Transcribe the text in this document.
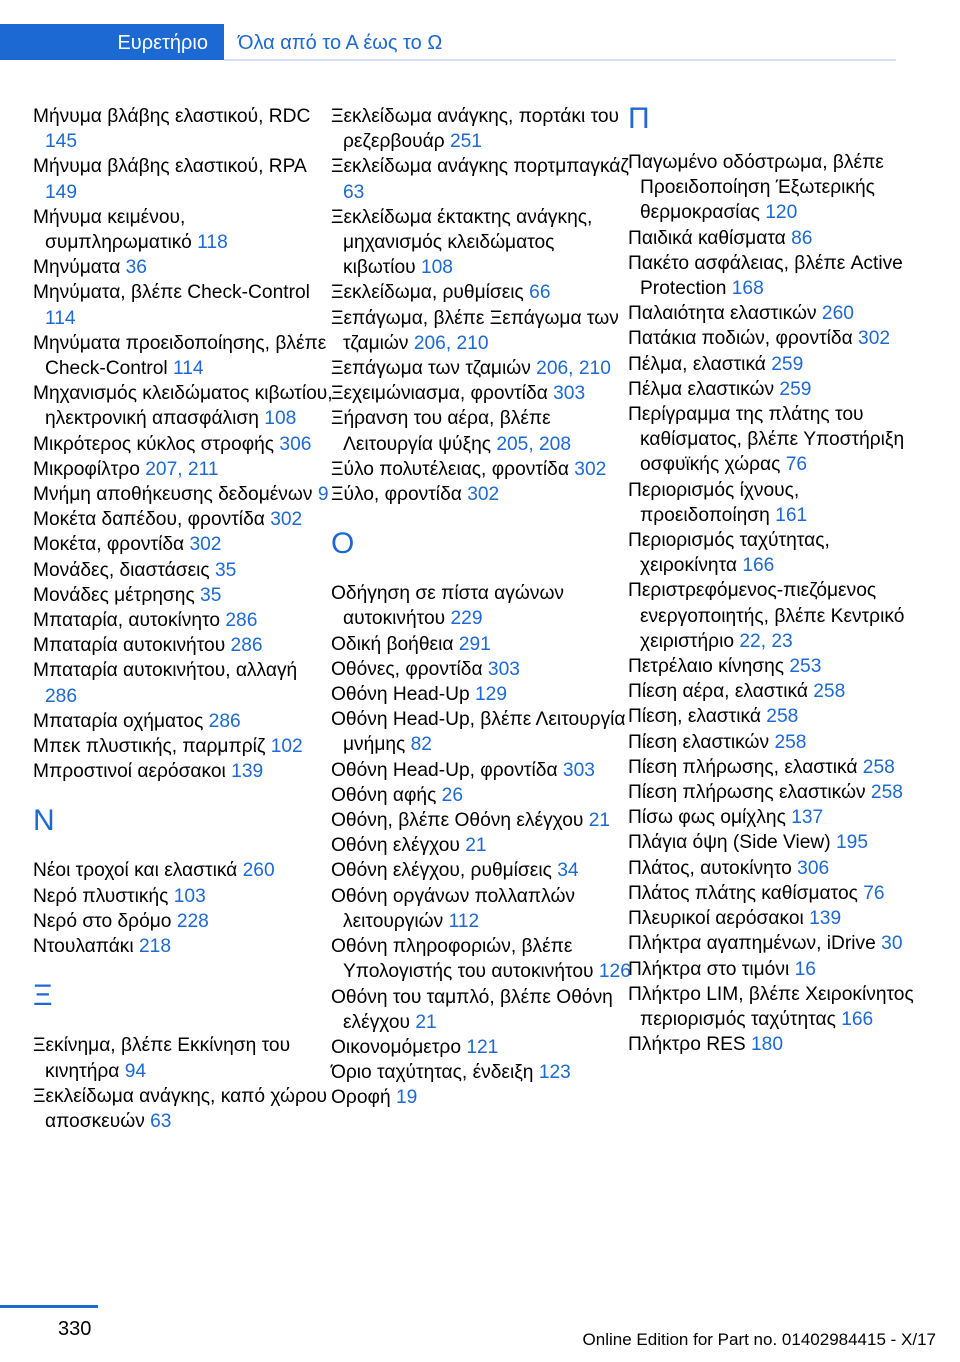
Ευρετήριο	Όλα από το Α έως το Ω
Μήνυμα βλάβης ελαστικού, RDC 145
Μήνυμα βλάβης ελαστικού, RPA 149
Μήνυμα κειμένου, συμπληρωματικό 118
Μηνύματα 36
Μηνύματα, βλέπε Check-Control 114
Μηνύματα προειδοποίησης, βλέπε Check-Control 114
Μηχανισμός κλειδώματος κιβωτίου, ηλεκτρονική απασφάλιση 108
Μικρότερος κύκλος στροφής 306
Μικροφίλτρο 207, 211
Μνήμη αποθήκευσης δεδομένων 9
Μοκέτα δαπέδου, φροντίδα 302
Μοκέτα, φροντίδα 302
Μονάδες, διαστάσεις 35
Μονάδες μέτρησης 35
Μπαταρία, αυτοκίνητο 286
Μπαταρία αυτοκινήτου 286
Μπαταρία αυτοκινήτου, αλλαγή 286
Μπαταρία οχήματος 286
Μπεκ πλυστικής, παρμπρίζ 102
Μπροστινοί αερόσακοι 139
Ν
Νέοι τροχοί και ελαστικά 260
Νερό πλυστικής 103
Νερό στο δρόμο 228
Ντουλαπάκι 218
Ξ
Ξεκίνημα, βλέπε Εκκίνηση του κινητήρα 94
Ξεκλείδωμα ανάγκης, καπό χώρου αποσκευών 63
Ξεκλείδωμα ανάγκης, πορτάκι του ρεζερβουάρ 251
Ξεκλείδωμα ανάγκης πορτμπαγκάζ 63
Ξεκλείδωμα έκτακτης ανάγκης, μηχανισμός κλειδώματος κιβωτίου 108
Ξεκλείδωμα, ρυθμίσεις 66
Ξεπάγωμα, βλέπε Ξεπάγωμα των τζαμιών 206, 210
Ξεπάγωμα των τζαμιών 206, 210
Ξεχειμώνιασμα, φροντίδα 303
Ξήρανση του αέρα, βλέπε Λειτουργία ψύξης 205, 208
Ξύλο πολυτέλειας, φροντίδα 302
Ξύλο, φροντίδα 302
Ο
Οδήγηση σε πίστα αγώνων αυτοκινήτου 229
Οδική βοήθεια 291
Οθόνες, φροντίδα 303
Οθόνη Head-Up 129
Οθόνη Head-Up, βλέπε Λειτουργία μνήμης 82
Οθόνη Head-Up, φροντίδα 303
Οθόνη αφής 26
Οθόνη, βλέπε Οθόνη ελέγχου 21
Οθόνη ελέγχου 21
Οθόνη ελέγχου, ρυθμίσεις 34
Οθόνη οργάνων πολλαπλών λειτουργιών 112
Οθόνη πληροφοριών, βλέπε Υπολογιστής του αυτοκινήτου 126
Οθόνη του ταμπλό, βλέπε Οθόνη ελέγχου 21
Οικονομόμετρο 121
Όριο ταχύτητας, ένδειξη 123
Οροφή 19
Π
Παγωμένο οδόστρωμα, βλέπε Προειδοποίηση Έξωτερικής θερμοκρασίας 120
Παιδικά καθίσματα 86
Πακέτο ασφάλειας, βλέπε Active Protection 168
Παλαιότητα ελαστικών 260
Πατάκια ποδιών, φροντίδα 302
Πέλμα, ελαστικά 259
Πέλμα ελαστικών 259
Περίγραμμα της πλάτης του καθίσματος, βλέπε Υποστήριξη οσφυϊκής χώρας 76
Περιορισμός ίχνους, προειδοποίηση 161
Περιορισμός ταχύτητας, χειροκίνητα 166
Περιστρεφόμενος-πιεζόμενος ενεργοποιητής, βλέπε Κεντρικό χειριστήριο 22, 23
Πετρέλαιο κίνησης 253
Πίεση αέρα, ελαστικά 258
Πίεση, ελαστικά 258
Πίεση ελαστικών 258
Πίεση πλήρωσης, ελαστικά 258
Πίεση πλήρωσης ελαστικών 258
Πίσω φως ομίχλης 137
Πλάγια όψη (Side View) 195
Πλάτος, αυτοκίνητο 306
Πλάτος πλάτης καθίσματος 76
Πλευρικοί αερόσακοι 139
Πλήκτρα αγαπημένων, iDrive 30
Πλήκτρα στο τιμόνι 16
Πλήκτρο LIM, βλέπε Χειροκίνητος περιορισμός ταχύτητας 166
Πλήκτρο RES 180
330	Online Edition for Part no. 01402984415 - X/17
